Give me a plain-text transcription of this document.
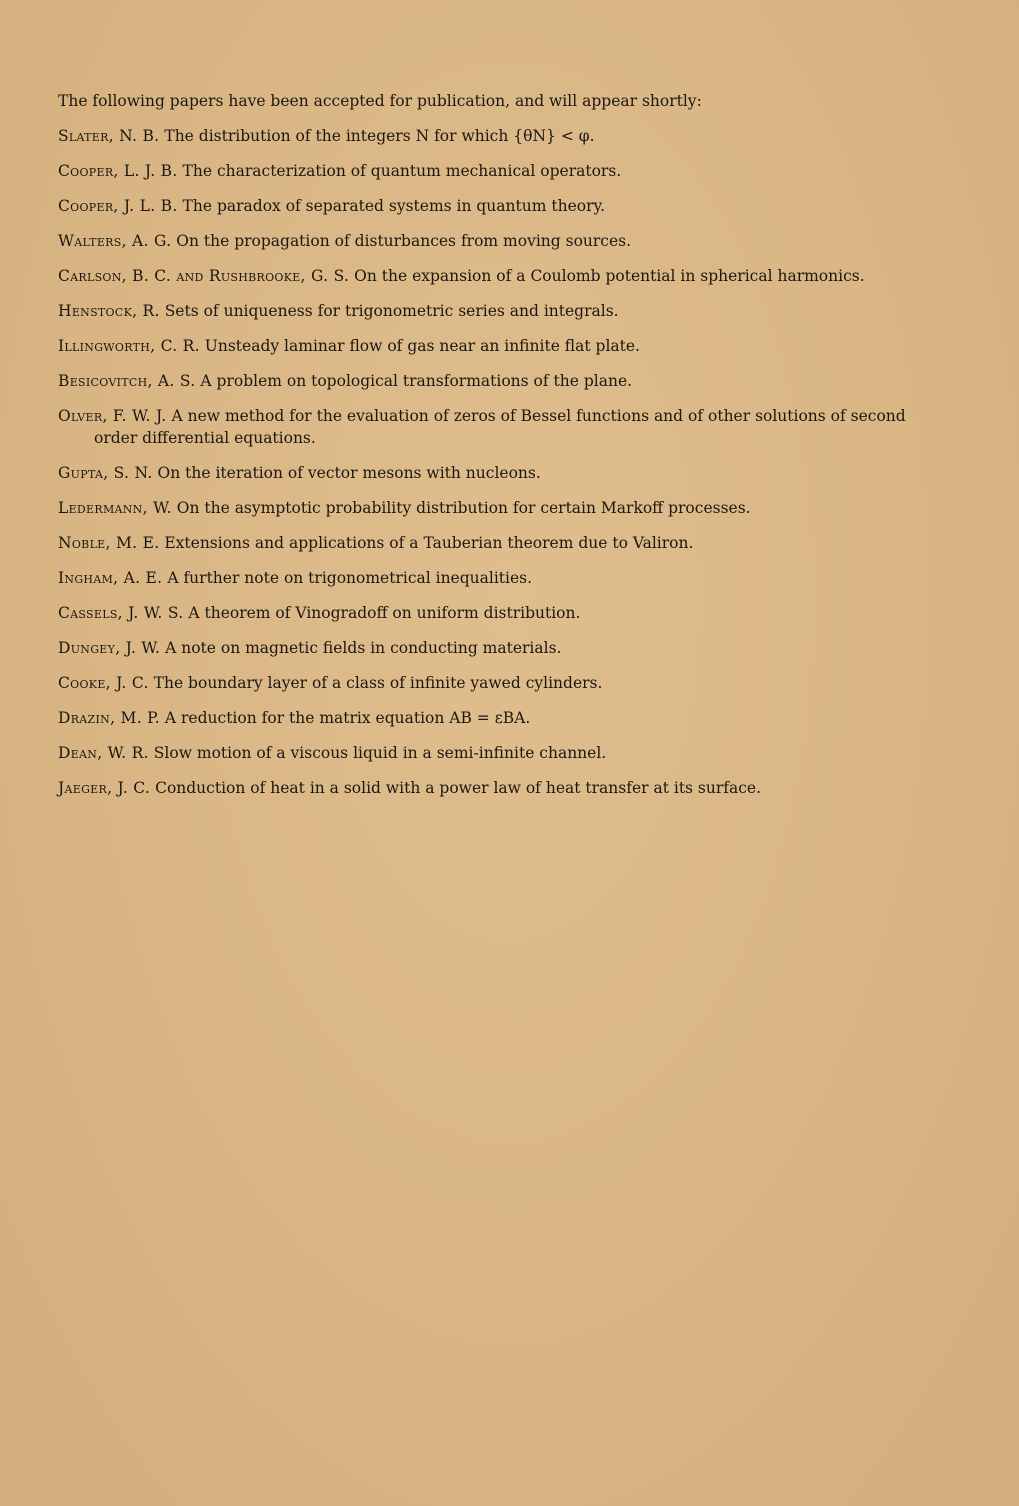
The following papers have been accepted for publication, and will appear shortly:

Slater, N. B. The distribution of the integers N for which {θN} < φ.

Cooper, L. J. B. The characterization of quantum mechanical operators.

Cooper, J. L. B. The paradox of separated systems in quantum theory.

Walters, A. G. On the propagation of disturbances from moving sources.

Carlson, B. C. and Rushbrooke, G. S. On the expansion of a Coulomb potential in spherical harmonics.

Henstock, R. Sets of uniqueness for trigonometric series and integrals.

Illingworth, C. R. Unsteady laminar flow of gas near an infinite flat plate.

Besicovitch, A. S. A problem on topological transformations of the plane.

Olver, F. W. J. A new method for the evaluation of zeros of Bessel functions and of other solutions of second order differential equations.

Gupta, S. N. On the iteration of vector mesons with nucleons.

Ledermann, W. On the asymptotic probability distribution for certain Markoff processes.

Noble, M. E. Extensions and applications of a Tauberian theorem due to Valiron.

Ingham, A. E. A further note on trigonometrical inequalities.

Cassels, J. W. S. A theorem of Vinogradoff on uniform distribution.

Dungey, J. W. A note on magnetic fields in conducting materials.

Cooke, J. C. The boundary layer of a class of infinite yawed cylinders.

Drazin, M. P. A reduction for the matrix equation AB = εBA.

Dean, W. R. Slow motion of a viscous liquid in a semi-infinite channel.

Jaeger, J. C. Conduction of heat in a solid with a power law of heat transfer at its surface.
